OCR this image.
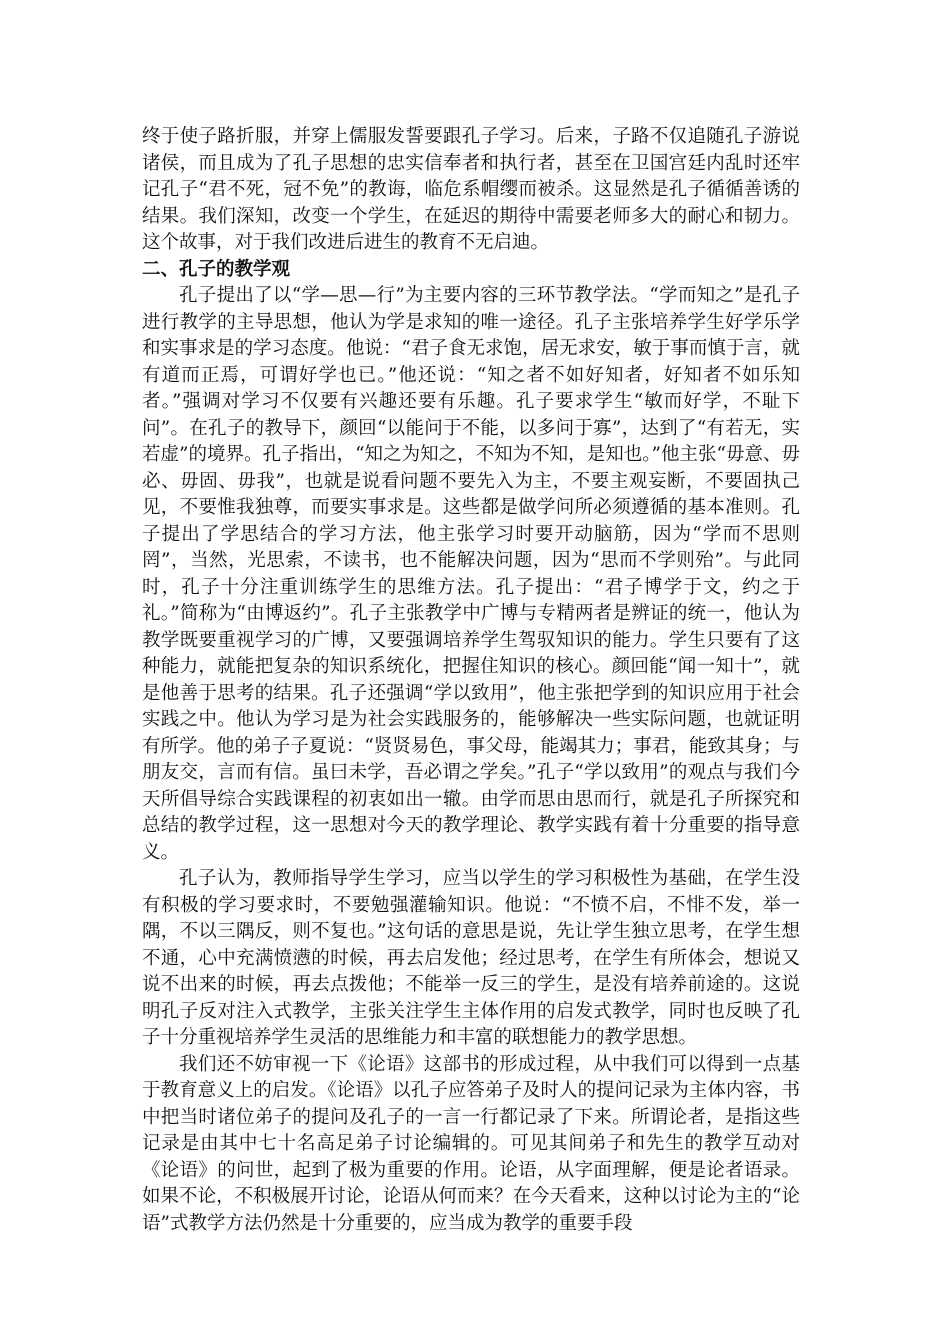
终于使子路折服，并穿上儒服发誓要跟孔子学习。后来，子路不仅追随孔子游说诸侯，而且成为了孔子思想的忠实信奉者和执行者，甚至在卫国宫廷内乱时还牢记孔子“君不死，冠不免”的教诲，临危系帽缨而被杀。这显然是孔子循循善诱的结果。我们深知，改变一个学生，在延迟的期待中需要老师多大的耐心和韧力。这个故事，对于我们改进后进生的教育不无启迪。

二、孔子的教学观

孔子提出了以“学—思—行”为主要内容的三环节教学法。“学而知之”是孔子进行教学的主导思想，他认为学是求知的唯一途径。孔子主张培养学生好学乐学和实事求是的学习态度。他说：“君子食无求饱，居无求安，敏于事而慎于言，就有道而正焉，可谓好学也已。”他还说：“知之者不如好知者，好知者不如乐知者。”强调对学习不仅要有兴趣还要有乐趣。孔子要求学生“敏而好学，不耻下问”。在孔子的教导下，颜回“以能问于不能，以多问于寡”，达到了“有若无，实若虚”的境界。孔子指出，“知之为知之，不知为不知，是知也。”他主张“毋意、毋必、毋固、毋我”，也就是说看问题不要先入为主，不要主观妄断，不要固执己见，不要惟我独尊，而要实事求是。这些都是做学问所必须遵循的基本准则。孔子提出了学思结合的学习方法，他主张学习时要开动脑筋，因为“学而不思则罔”，当然，光思索，不读书，也不能解决问题，因为“思而不学则殆”。与此同时，孔子十分注重训练学生的思维方法。孔子提出：“君子博学于文，约之于礼。”简称为“由博返约”。孔子主张教学中广博与专精两者是辨证的统一，他认为教学既要重视学习的广博，又要强调培养学生驾驭知识的能力。学生只要有了这种能力，就能把复杂的知识系统化，把握住知识的核心。颜回能“闻一知十”，就是他善于思考的结果。孔子还强调“学以致用”，他主张把学到的知识应用于社会实践之中。他认为学习是为社会实践服务的，能够解决一些实际问题，也就证明有所学。他的弟子子夏说：“贤贤易色，事父母，能竭其力；事君，能致其身；与朋友交，言而有信。虽曰未学，吾必谓之学矣。”孔子“学以致用”的观点与我们今天所倡导综合实践课程的初衷如出一辙。由学而思由思而行，就是孔子所探究和总结的教学过程，这一思想对今天的教学理论、教学实践有着十分重要的指导意义。

孔子认为，教师指导学生学习，应当以学生的学习积极性为基础，在学生没有积极的学习要求时，不要勉强灌输知识。他说：“不愤不启，不悱不发，举一隅，不以三隅反，则不复也。”这句话的意思是说，先让学生独立思考，在学生想不通，心中充满愤懑的时候，再去启发他；经过思考，在学生有所体会，想说又说不出来的时候，再去点拨他；不能举一反三的学生，是没有培养前途的。这说明孔子反对注入式教学，主张关注学生主体作用的启发式教学，同时也反映了孔子十分重视培养学生灵活的思维能力和丰富的联想能力的教学思想。

我们还不妨审视一下《论语》这部书的形成过程，从中我们可以得到一点基于教育意义上的启发。《论语》以孔子应答弟子及时人的提问记录为主体内容，书中把当时诸位弟子的提问及孔子的一言一行都记录了下来。所谓论者，是指这些记录是由其中七十名高足弟子讨论编辑的。可见其间弟子和先生的教学互动对《论语》的问世，起到了极为重要的作用。论语，从字面理解，便是论者语录。如果不论，不积极展开讨论，论语从何而来？在今天看来，这种以讨论为主的“论语”式教学方法仍然是十分重要的，应当成为教学的重要手段
